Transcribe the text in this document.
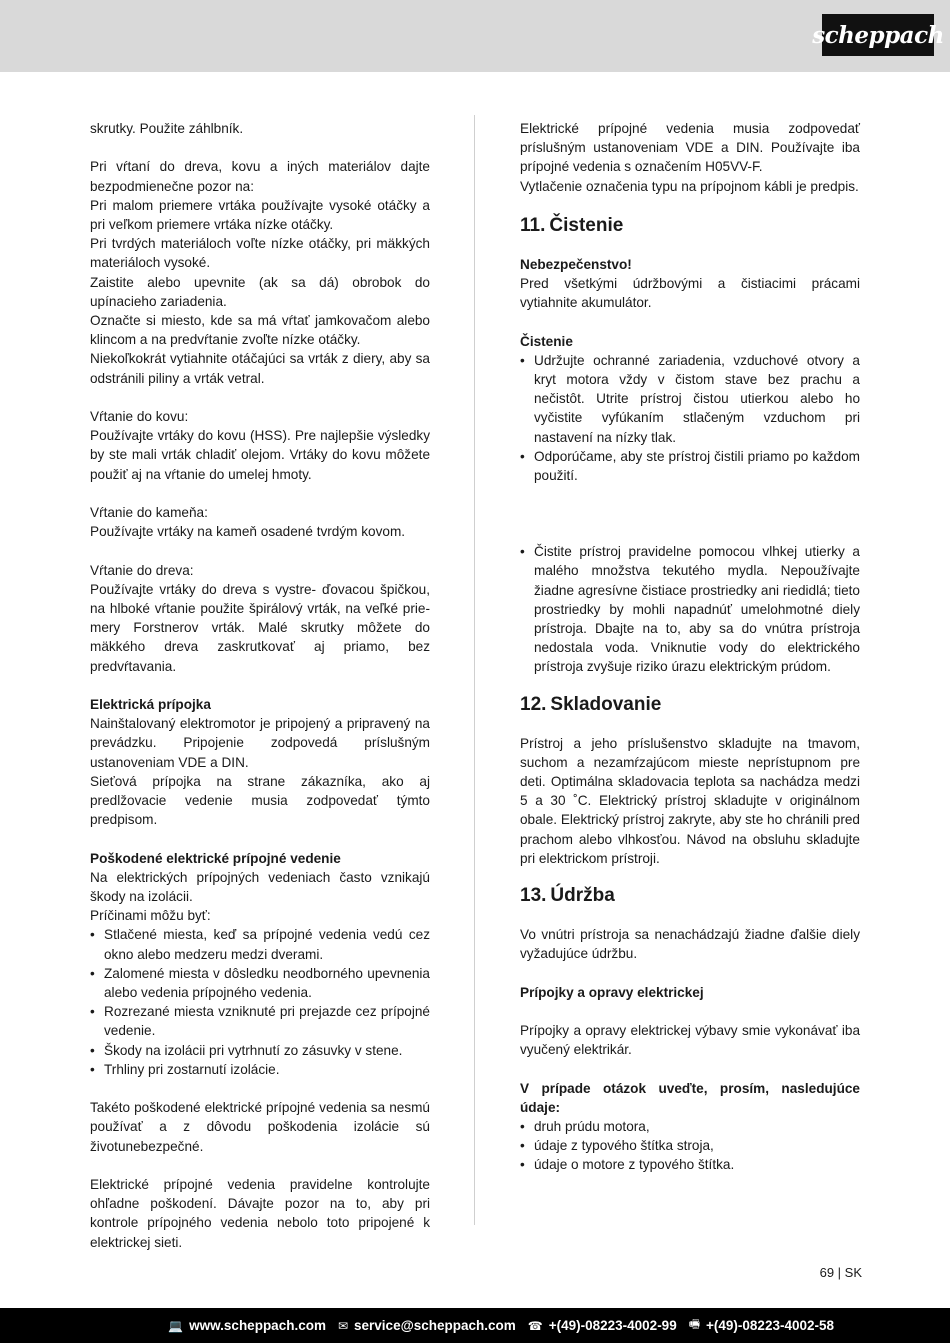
scheppach

skrutky. Použite záhlbník.

Pri vŕtaní do dreva, kovu a iných materiálov dajte bezpodmienečne pozor na:

Pri malom priemere vrtáka používajte vysoké otáčky a pri veľkom priemere vrtáka nízke otáčky.

Pri tvrdých materiáloch voľte nízke otáčky, pri mäkkých materiáloch vysoké.

Zaistite alebo upevnite (ak sa dá) obrobok do upínacieho zariadenia.

Označte si miesto, kde sa má vŕtať jamkovačom alebo klincom a na predvŕtanie zvoľte nízke otáčky.

Niekoľkokrát vytiahnite otáčajúci sa vrták z diery, aby sa odstránili piliny a vrták vetral.

Vŕtanie do kovu:

Používajte vrtáky do kovu (HSS). Pre najlepšie výsledky by ste mali vrták chladiť olejom. Vrtáky do kovu môžete použiť aj na vŕtanie do umelej hmoty.

Vŕtanie do kameňa:

Používajte vrtáky na kameň osadené tvrdým kovom.

Vŕtanie do dreva:

Používajte vrtáky do dreva s vystre- ďovacou špičkou, na hlboké vŕtanie použite špirálový vrták, na veľké prie-mery Forstnerov vrták. Malé skrutky môžete do mäkkého dreva zaskrutkovať aj priamo, bez predvŕtavania.

Elektrická prípojka

Nainštalovaný elektromotor je pripojený a pripravený na prevádzku. Pripojenie zodpovedá príslušným ustanoveniam VDE a DIN.

Sieťová prípojka na strane zákazníka, ako aj predlžovacie vedenie musia zodpovedať týmto predpisom.

Poškodené elektrické prípojné vedenie

Na elektrických prípojných vedeniach často vznikajú škody na izolácii.

Príčinami môžu byť:

• Stlačené miesta, keď sa prípojné vedenia vedú cez okno alebo medzeru medzi dverami.
• Zalomené miesta v dôsledku neodborného upevnenia alebo vedenia prípojného vedenia.
• Rozrezané miesta vzniknuté pri prejazde cez prípojné vedenie.
• Škody na izolácii pri vytrhnutí zo zásuvky v stene.
• Trhliny pri zostarnutí izolácie.

Takéto poškodené elektrické prípojné vedenia sa nesmú používať a z dôvodu poškodenia izolácie sú životunebezpečné.

Elektrické prípojné vedenia pravidelne kontrolujte ohľadne poškodení. Dávajte pozor na to, aby pri kontrole prípojného vedenia nebolo toto pripojené k elektrickej sieti.

Elektrické prípojné vedenia musia zodpovedať príslušným ustanoveniam VDE a DIN. Používajte iba prípojné vedenia s označením H05VV-F.

Vytlačenie označenia typu na prípojnom kábli je predpis.

11. Čistenie

Nebezpečenstvo!

Pred všetkými údržbovými a čistiacimi prácami vytiahnite akumulátor.

Čistenie

• Udržujte ochranné zariadenia, vzduchové otvory a kryt motora vždy v čistom stave bez prachu a nečistôt. Utrite prístroj čistou utierkou alebo ho vyčistite vyfúkaním stlačeným vzduchom pri nastavení na nízky tlak.
• Odporúčame, aby ste prístroj čistili priamo po každom použití.
• Čistite prístroj pravidelne pomocou vlhkej utierky a malého množstva tekutého mydla. Nepoužívajte žiadne agresívne čistiace prostriedky ani riedidlá; tieto prostriedky by mohli napadnúť umelohmotné diely prístroja. Dbajte na to, aby sa do vnútra prístroja nedostala voda. Vniknutie vody do elektrického prístroja zvyšuje riziko úrazu elektrickým prúdom.
12. Skladovanie

Prístroj a jeho príslušenstvo skladujte na tmavom, suchom a nezamŕzajúcom mieste neprístupnom pre deti. Optimálna skladovacia teplota sa nachádza medzi 5 a 30 ˚C. Elektrický prístroj skladujte v originálnom obale. Elektrický prístroj zakryte, aby ste ho chránili pred prachom alebo vlhkosťou. Návod na obsluhu skladujte pri elektrickom prístroji.

13. Údržba

Vo vnútri prístroja sa nenachádzajú žiadne ďalšie diely vyžadujúce údržbu.

Prípojky a opravy elektrickej

Prípojky a opravy elektrickej výbavy smie vykonávať iba vyučený elektrikár.

V prípade otázok uveďte, prosím, nasledujúce údaje:

• druh prúdu motora,
• údaje z typového štítka stroja,
• údaje o motore z typového štítka.
69 | SK
💻 www.scheppach.com ✉ service@scheppach.com ☎ +(49)-08223-4002-99 🖷 +(49)-08223-4002-58
